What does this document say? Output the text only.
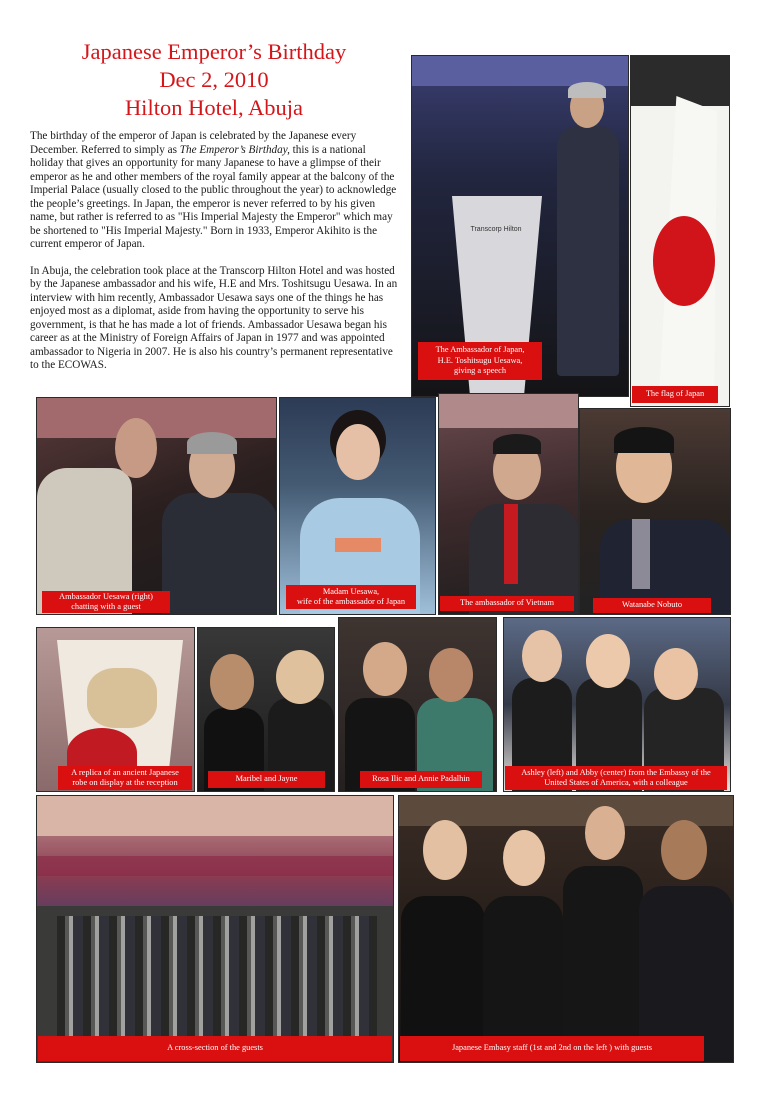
Japanese Emperor’s Birthday
Dec 2, 2010
Hilton Hotel, Abuja

The birthday of the emperor of Japan is celebrated by the Japanese every December. Referred to simply as The Emperor’s Birthday, this is a national holiday that gives an opportunity for many Japanese to have a glimpse of their emperor as he and other members of the royal family appear at the balcony of the Imperial Palace (usually closed to the public throughout the year) to acknowledge the people’s greetings. In Japan, the emperor is never referred to by his given name, but rather is referred to as "His Imperial Majesty the Emperor" which may be shortened to "His Imperial Majesty." Born in 1933, Emperor Akihito is the current emperor of Japan.

In Abuja, the celebration took place at the Transcorp Hilton Hotel and was hosted by the Japanese ambassador and his wife, H.E and Mrs. Toshitsugu Uesawa. In an interview with him recently, Ambassador Uesawa says one of the things he has enjoyed most as a diplomat, aside from having the opportunity to serve his government, is that he has made a lot of friends. Ambassador Uesawa began his career as at the Ministry of Foreign Affairs of Japan in 1977 and was appointed ambassador to Nigeria in 2007. He is also his country’s permanent representative to the ECOWAS.

Transcorp Hilton
The Ambassador of Japan,
H.E. Toshitsugu Uesawa,
giving a speech
The flag of Japan
Ambassador Uesawa (right)
chatting with a guest
Madam Uesawa,
wife of the ambassador of Japan	The ambassador of Vietnam	Watanabe Nobuto
A replica of an ancient Japanese
robe on display at the reception	Maribel and Jayne	Rosa Ilic and Annie Padalhin
Ashley (left) and Abby (center) from the Embassy of the
United States of America, with a colleague
A cross-section of the guests	Japanese Embasy staff (1st and 2nd on the left ) with guests
